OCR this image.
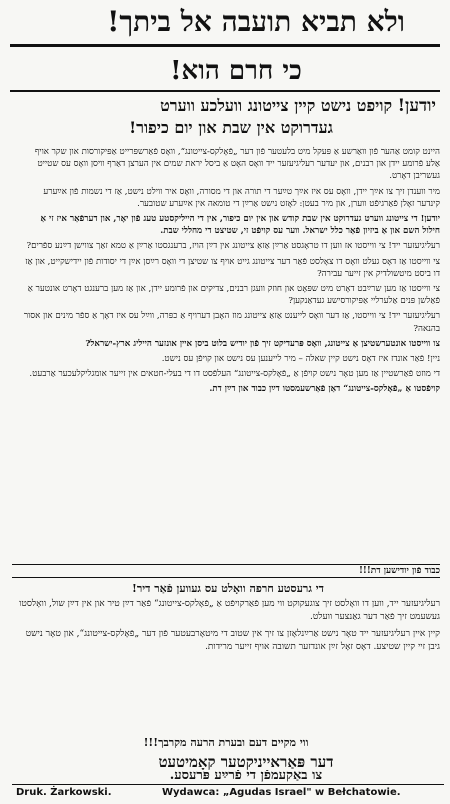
ולא תביא תועבה אל ביתך!
כי חרם הוא!
יודען! קויפט נישט קיין צייטונג וועלכע ווערט
געדרוקט אין שבת און יום כיפור!

היינט קומט אַהער פֿון וואַרשע אַ פּעקל מיט בלעטער פֿון דער „פֿאָלקס-צייטונג“, וואָס פֿאַרשפּרייט אַפּיקורסות און שקר אויף אַלע פֿרומע יידן און רבנים, און יעדער רעליגיעזער ייד וואָס האָט אַ ביסל יראת שמים אין הערצן דאַרף וויסן וואָס עס שטייט געשריבן דאָרט.

מיר ווענדן זיך צו אײַך יידן, וואָס עס איז אײַך טײַער די תורה און די מסורה, וואָס איר ווילט נישט, אַז די נשמות פֿון אײַערע קינדער זאָלן פֿאַרגיפֿט ווערן, און מיר בעטן: לאָזט נישט אַרײַן די טומאה אין אײַערע שטובער.

יודען! די צייטונג ווערט געדרוקט אין שבת קודש און אין יום כיפור, אין די הייליקסטע טעג פֿון יאָר, און דערפֿאַר איז זי אַ חילול השם און אַ ביזיון פֿאַר כלל ישראל. ווער עס קויפֿט זי, שטיצט די מחללי שבת.

רעליגיעזער ייד! צי ווייסטו אז ווען דו טראָגסט אַרײַן אַזאַ צייטונג אין דײַן הויז, ברענגסטו אַרײַן אַ טמא זאַך צווישן דײַנע ספֿרים?

צי ווייסטו אַז דאָס געלט וואָס דו צאָלסט פֿאַר דער צייטונג גייט אויף צו שטיצן די וואָס רײַסן אײַן די יסודות פֿון יידישקייט, און אַז דו ביסט מיטשולדיק אין זייער עבירה?

צי ווייסטו אַז מען שרײַבט דאָרט מיט שפּאָט און חוזק וועגן רבנים, צדיקים און פֿרומע יידן, און אַז מען ברענגט דאָרט אונטער אַ פֿאַלשן פּנים אַלערליי אַפּיקורסישע געדאַנקען?

רעליגיעזער ייד! צי ווייסטו, אַז דער וואָס לייענט אַזאַ צייטונג מוז האָבן דערויף אַ כפּרה, ווײַל עס איז דאָך אַ ספֿר מינים און אסור בהנאה?

צו ווייסטו אונטערשטיצן אַ צייטונג, וואָס פּרעדיקט זיך פֿון יודיש בלוט ביסן איין אונזער הייליג ארץ-ישראל?

ניין! פֿאַר אונדז איז דאָס נישט קיין שאלה – מיר לייענען עס נישט און קויפֿן עס נישט.

די מוזט פֿאַרשטיין אַז מען טאָר נישט קויפֿן אַ „פֿאָלקס-צייטונג“ העלפֿסט דו די בעלי-חטאים אין זייער אומגליקלעכער אַרבעט.

קויפֿסטו אַ „פֿאָלקס-צייטונג“ דאַן פֿאַרשעמסטו דײַן כבוד און דײַן דת.

כבוד פֿון יודישען דת!!!
די גרעסטע חרפה וואָלט עס געווען פֿאַר דיר!

רעליגיעזער ייד, ווען דו וואָלסט זיך צוגעקוקט ווי מען פֿאַרקויפֿט אַ „פֿאָלקס-צייטונג“ פֿאַר דײַן טיר און אין דײַן שול, וואָלסטו געשעמט זיך פֿאַר דער גאַנצער וועלט.

קיין איין רעליגיעזער ייד טאָר נישט אַרײַנלאָזן צו זיך אין שטוב די מיטאָרבעטער פֿון דער „פֿאָלקס-צייטונג“, און טאָר נישט גיבן זיי קיין שטיצע. דאָס זאָל זײַן אונדזער תשובה אויף זייער מרידות.

ווי מקיים דעם ובערת הרעה מקרבך!!!
דער פּאַראייניקטער קאָמיטעט
צו באַקעמפֿן די פֿרײַע פּרעסע.
Druk. Żarkowski.	Wydawca: „Agudas Israel" w Bełchatowie.
